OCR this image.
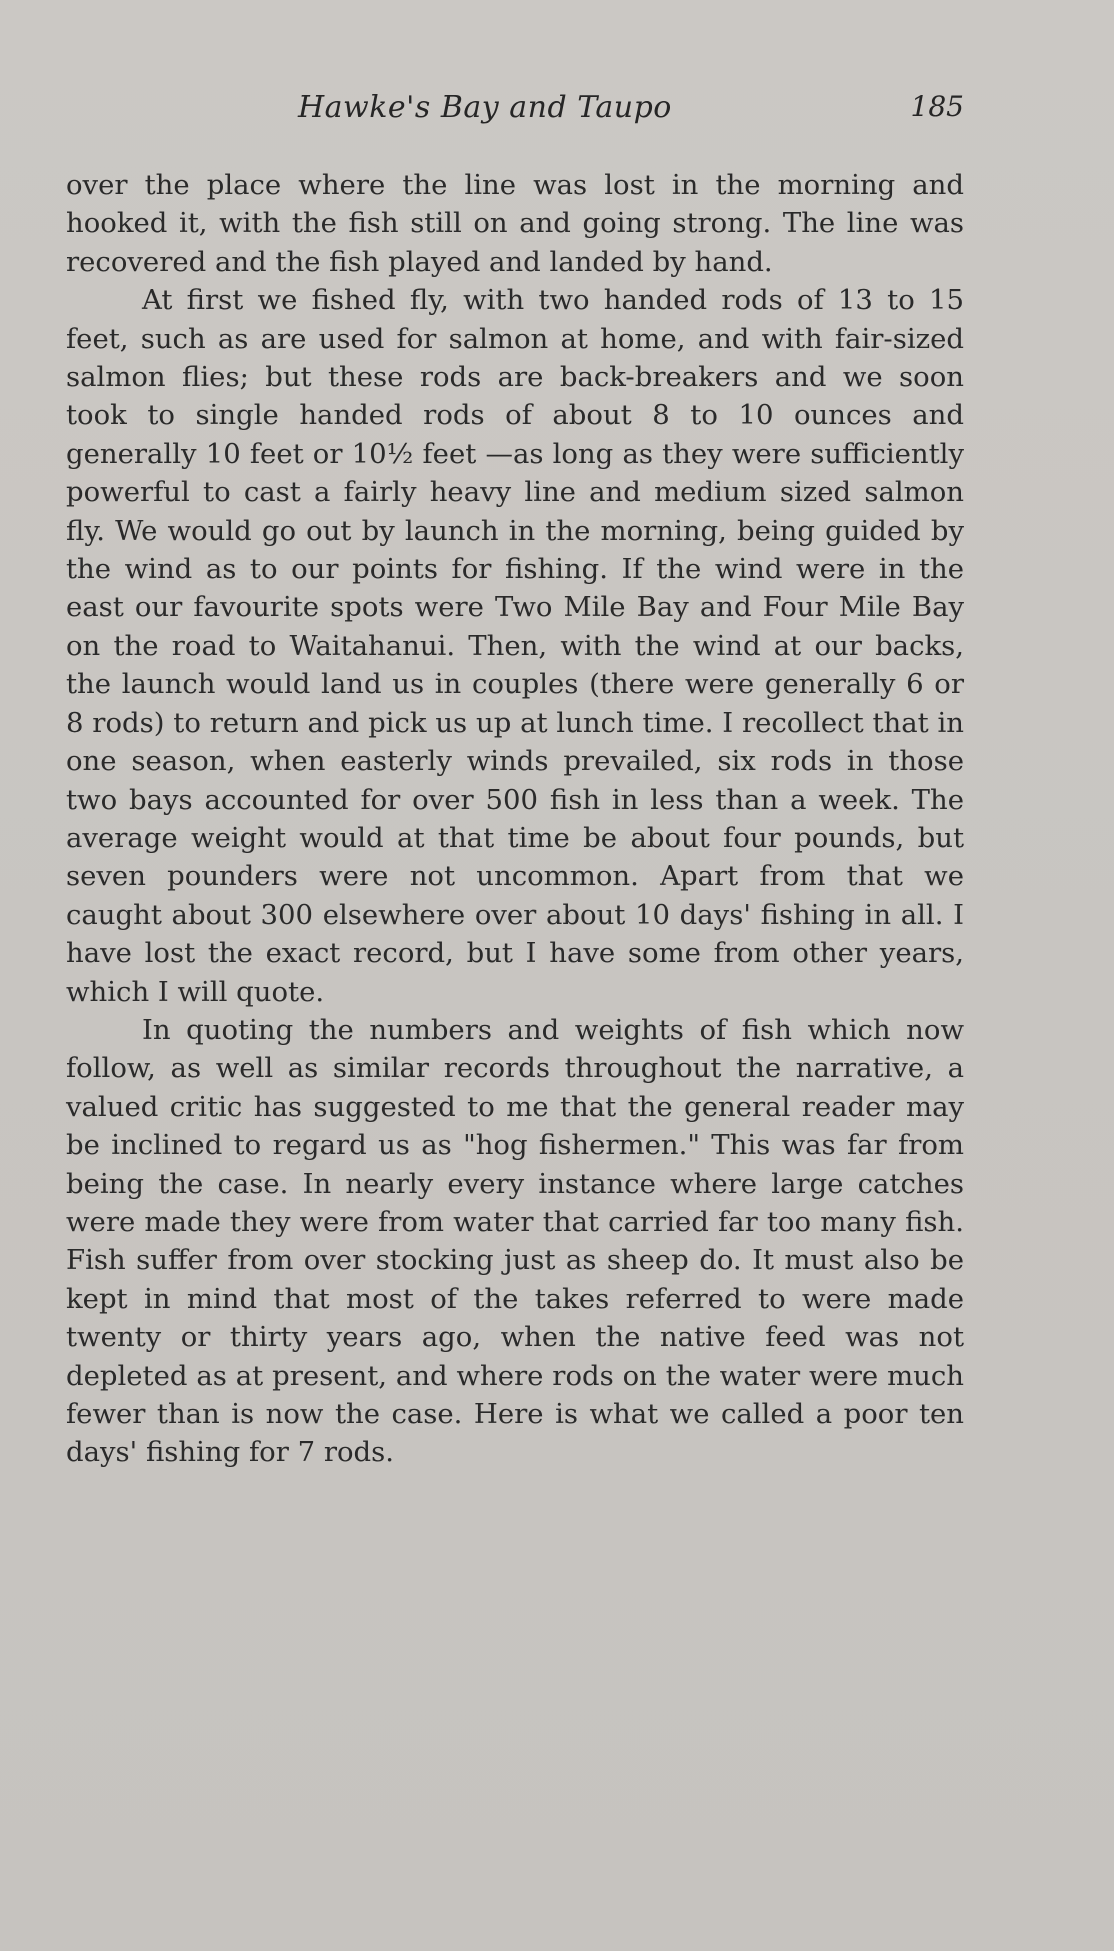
Hawke's Bay and Taupo	185

over the place where the line was lost in the morning and hooked it, with the fish still on and going strong. The line was recovered and the fish played and landed by hand.

At first we fished fly, with two handed rods of 13 to 15 feet, such as are used for salmon at home, and with fair-sized salmon flies; but these rods are back-breakers and we soon took to single handed rods of about 8 to 10 ounces and generally 10 feet or 10½ feet —as long as they were sufficiently powerful to cast a fairly heavy line and medium sized salmon fly. We would go out by launch in the morning, being guided by the wind as to our points for fishing. If the wind were in the east our favourite spots were Two Mile Bay and Four Mile Bay on the road to Waitahanui. Then, with the wind at our backs, the launch would land us in couples (there were generally 6 or 8 rods) to return and pick us up at lunch time. I recollect that in one season, when easterly winds prevailed, six rods in those two bays accounted for over 500 fish in less than a week. The average weight would at that time be about four pounds, but seven pounders were not uncommon. Apart from that we caught about 300 elsewhere over about 10 days' fishing in all. I have lost the exact record, but I have some from other years, which I will quote.

In quoting the numbers and weights of fish which now follow, as well as similar records throughout the narrative, a valued critic has suggested to me that the general reader may be inclined to regard us as "hog fishermen." This was far from being the case. In nearly every instance where large catches were made they were from water that carried far too many fish. Fish suffer from over stocking just as sheep do. It must also be kept in mind that most of the takes referred to were made twenty or thirty years ago, when the native feed was not depleted as at present, and where rods on the water were much fewer than is now the case. Here is what we called a poor ten days' fishing for 7 rods.
